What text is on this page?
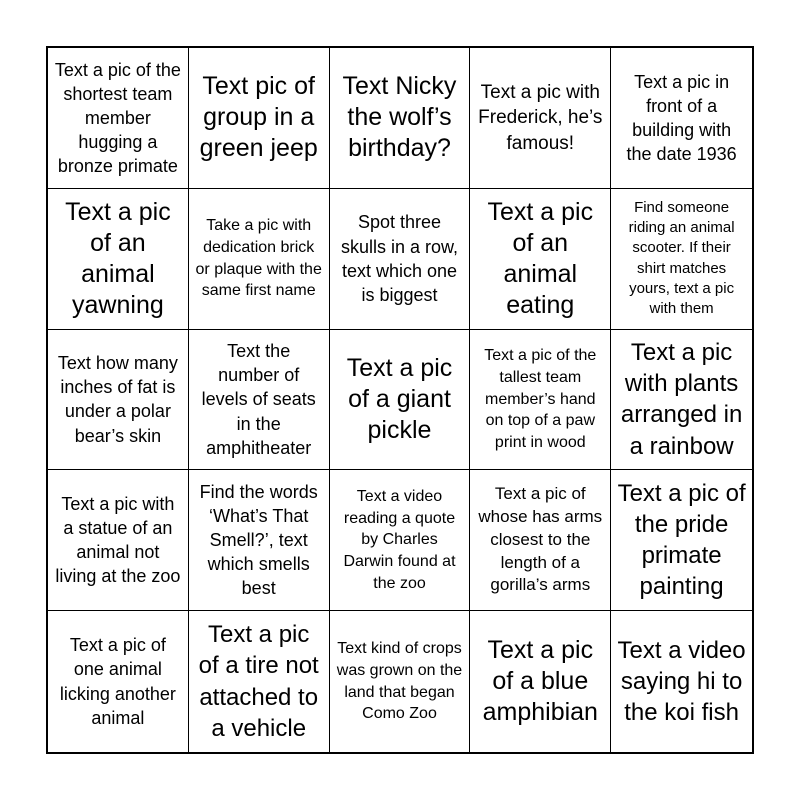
Text a pic of the shortest team member hugging a bronze primate
Text pic of group in a green jeep
Text Nicky the wolf’s birthday?
Text a pic with Frederick, he’s famous!
Text a pic in front of a building with the date 1936
Text a pic of an animal yawning
Take a pic with dedication brick or plaque with the same first name
Spot three skulls in a row, text which one is biggest
Text a pic of an animal eating
Find someone riding an animal scooter. If their shirt matches yours, text a pic with them
Text how many inches of fat is under a polar bear’s skin
Text the number of levels of seats in the amphitheater
Text a pic of a giant pickle
Text a pic of the tallest team member’s hand on top of a paw print in wood
Text a pic with plants arranged in a rainbow
Text a pic with a statue of an animal not living at the zoo
Find the words ‘What’s That Smell?’, text which smells best
Text a video reading a quote by Charles Darwin found at the zoo
Text a pic of whose has arms closest to the length of a gorilla’s arms
Text a pic of the pride primate painting
Text a pic of one animal licking another animal
Text a pic of a tire not attached to a vehicle
Text kind of crops was grown on the land that began Como Zoo
Text a pic of a blue amphibian
Text a video saying hi to the koi fish
